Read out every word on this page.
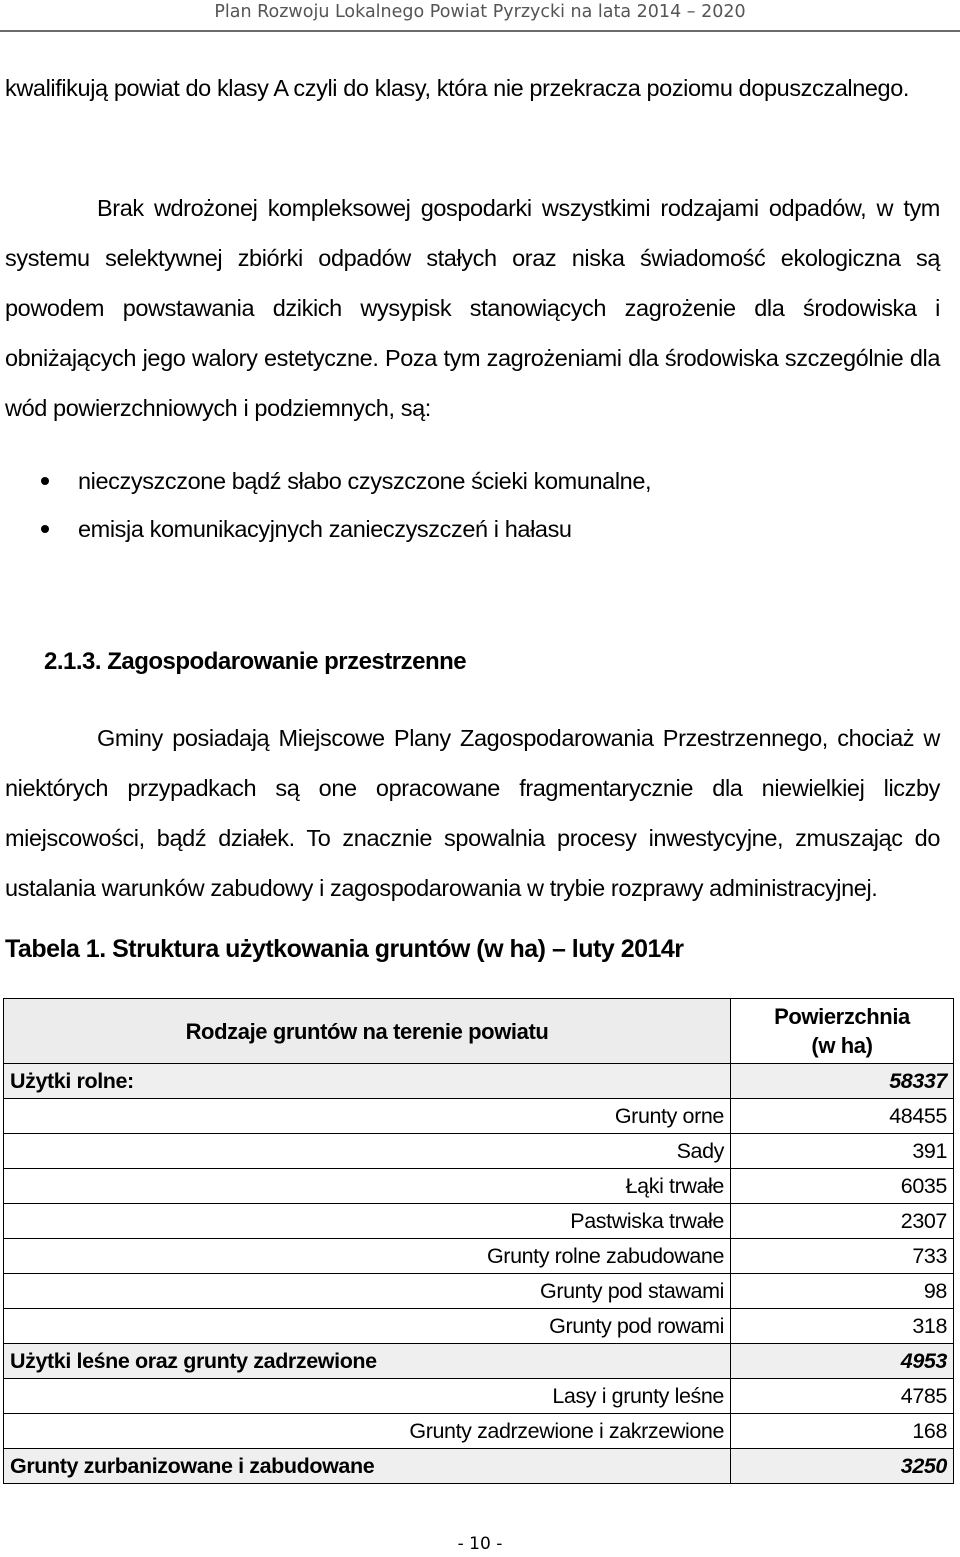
Plan Rozwoju Lokalnego Powiat Pyrzycki na lata 2014 – 2020
kwalifikują powiat do klasy A czyli do klasy, która nie przekracza poziomu dopuszczalnego.
Brak wdrożonej kompleksowej gospodarki wszystkimi rodzajami odpadów, w tym systemu selektywnej zbiórki odpadów stałych oraz niska świadomość ekologiczna są powodem powstawania dzikich wysypisk stanowiących zagrożenie dla środowiska i obniżających jego walory estetyczne. Poza tym zagrożeniami dla środowiska szczególnie dla wód powierzchniowych i podziemnych, są:
nieczyszczone bądź słabo czyszczone ścieki komunalne,
emisja komunikacyjnych zanieczyszczeń i hałasu
2.1.3. Zagospodarowanie przestrzenne
Gminy posiadają Miejscowe Plany Zagospodarowania Przestrzennego, chociaż w niektórych przypadkach są one opracowane fragmentarycznie dla niewielkiej liczby miejscowości, bądź działek. To znacznie spowalnia procesy inwestycyjne, zmuszając do ustalania warunków zabudowy i zagospodarowania w trybie rozprawy administracyjnej.
Tabela 1. Struktura użytkowania gruntów (w ha) – luty 2014r
Rodzaje gruntów na terenie powiatu	Powierzchnia
(w ha)
Użytki rolne:	58337
Grunty orne	48455
Sady	391
Łąki trwałe	6035
Pastwiska trwałe	2307
Grunty rolne zabudowane	733
Grunty pod stawami	98
Grunty pod rowami	318
Użytki leśne oraz grunty zadrzewione	4953
Lasy i grunty leśne	4785
Grunty zadrzewione i zakrzewione	168
Grunty zurbanizowane i zabudowane	3250
- 10 -
